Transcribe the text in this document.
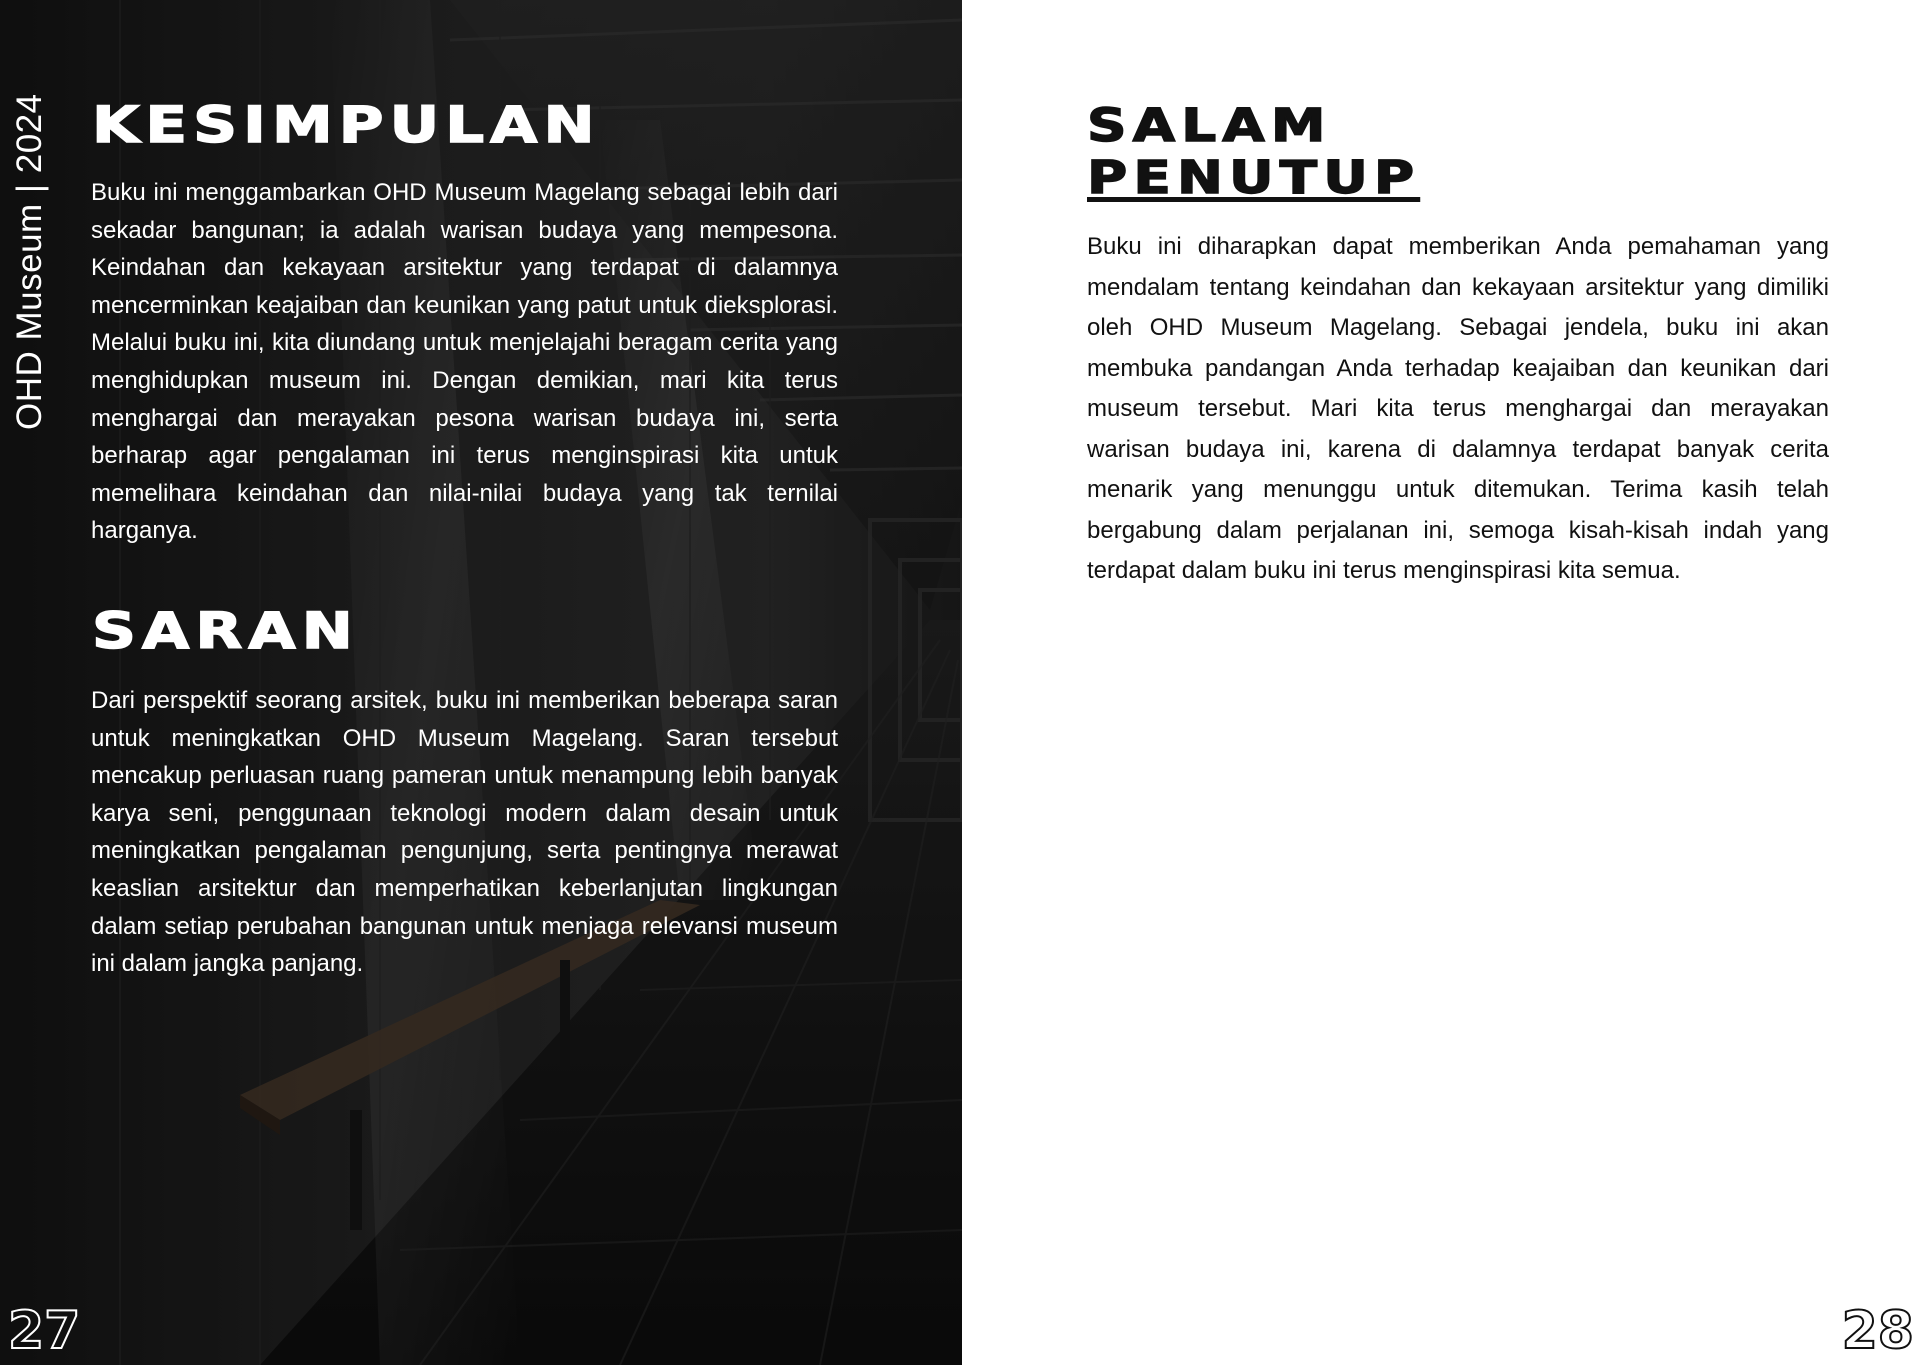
OHD Museum | 2024 KESIMPULAN

Buku ini menggambarkan OHD Museum Magelang sebagai lebih dari sekadar bangunan; ia adalah warisan budaya yang mempesona. Keindahan dan kekayaan arsitektur yang terdapat di dalamnya mencerminkan keajaiban dan keunikan yang patut untuk dieksplorasi. Melalui buku ini, kita diundang untuk menjelajahi beragam cerita yang menghidupkan museum ini. Dengan demikian, mari kita terus menghargai dan merayakan pesona warisan budaya ini, serta berharap agar pengalaman ini terus menginspirasi kita untuk memelihara keindahan dan nilai-nilai budaya yang tak ternilai harganya.

SARAN

Dari perspektif seorang arsitek, buku ini memberikan beberapa saran untuk meningkatkan OHD Museum Magelang. Saran tersebut mencakup perluasan ruang pameran untuk menampung lebih banyak karya seni, penggunaan teknologi modern dalam desain untuk meningkatkan pengalaman pengunjung, serta pentingnya merawat keaslian arsitektur dan memperhatikan keberlanjutan lingkungan dalam setiap perubahan bangunan untuk menjaga relevansi museum ini dalam jangka panjang.

27
SALAM
PENUTUP

Buku ini diharapkan dapat memberikan Anda pemahaman yang mendalam tentang keindahan dan kekayaan arsitektur yang dimiliki oleh OHD Museum Magelang. Sebagai jendela, buku ini akan membuka pandangan Anda terhadap keajaiban dan keunikan dari museum tersebut. Mari kita terus menghargai dan merayakan warisan budaya ini, karena di dalamnya terdapat banyak cerita menarik yang menunggu untuk ditemukan. Terima kasih telah bergabung dalam perjalanan ini, semoga kisah-kisah indah yang terdapat dalam buku ini terus menginspirasi kita semua.

28
